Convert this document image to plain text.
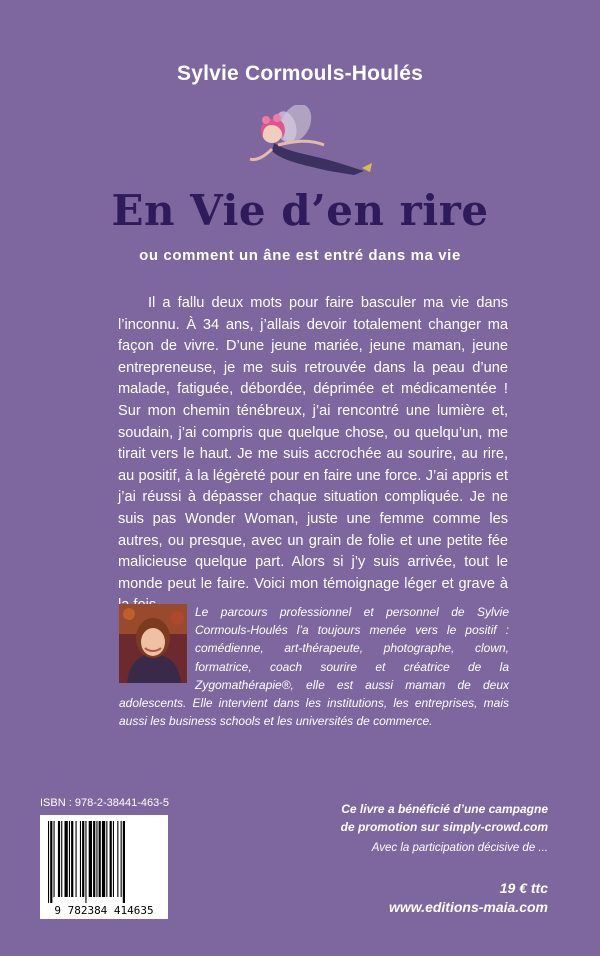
Sylvie Cormouls-Houlés
En Vie d’en rire
ou comment un âne est entré dans ma vie

Il a fallu deux mots pour faire basculer ma vie dans l’inconnu. À 34 ans, j’allais devoir totalement changer ma façon de vivre. D’une jeune mariée, jeune maman, jeune entrepreneuse, je me suis retrouvée dans la peau d’une malade, fatiguée, débordée, déprimée et médicamentée ! Sur mon chemin ténébreux, j’ai rencontré une lumière et, soudain, j’ai compris que quelque chose, ou quelqu’un, me tirait vers le haut. Je me suis accrochée au sourire, au rire, au positif, à la légèreté pour en faire une force. J’ai appris et j’ai réussi à dépasser chaque situation compliquée. Je ne suis pas Wonder Woman, juste une femme comme les autres, ou presque, avec un grain de folie et une petite fée malicieuse quelque part. Alors si j’y suis arrivée, tout le monde peut le faire. Voici mon témoignage léger et grave à

Le parcours professionnel et personnel de Sylvie Cormouls-Houlés l’a toujours menée vers le positif : comédienne, art-thérapeute, photographe, clown, formatrice, coach sourire et créatrice de la Zygomathérapie®, elle est aussi maman de deux adolescents. Elle intervient dans les institutions, les entreprises, mais aussi les business schools et les universités de commerce.
ISBN : 978-2-38441-463-5
9 782384 414635
Ce livre a bénéficié d’une campagne
de promotion sur simply-crowd.com
Avec la participation décisive de ...
19 € ttc
www.editions-maia.com
